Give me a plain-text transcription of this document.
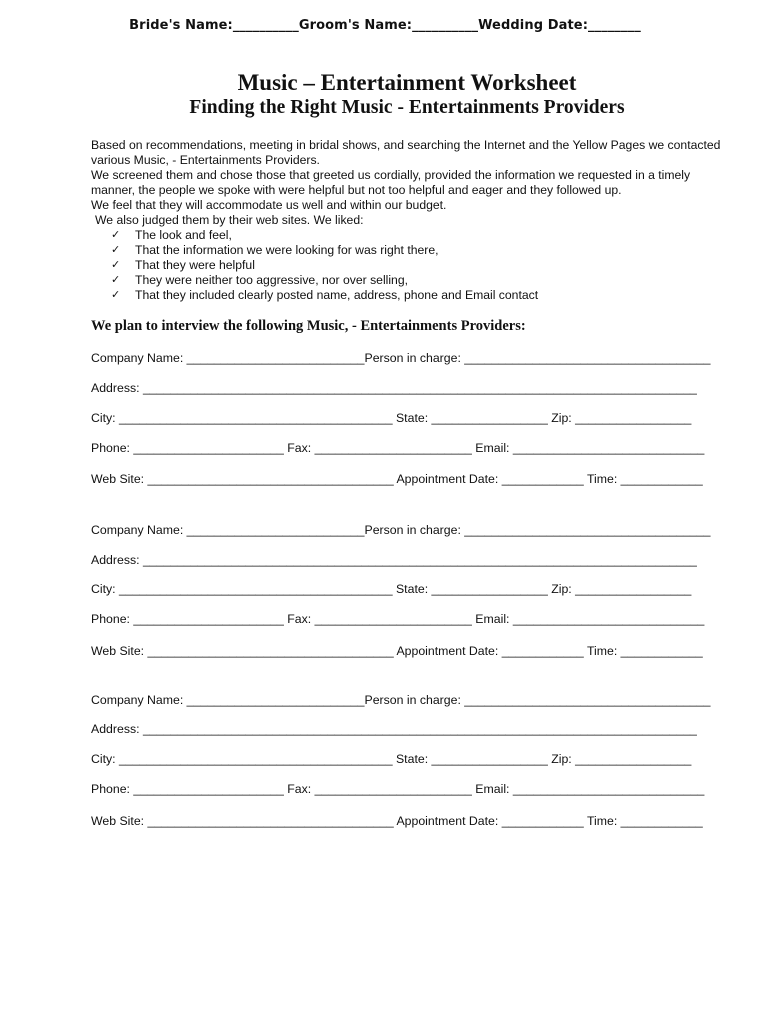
Bride's Name:__________Groom's Name:__________Wedding Date:________
Music – Entertainment Worksheet
Finding the Right Music - Entertainments Providers

Based on recommendations, meeting in bridal shows, and searching the Internet and the Yellow Pages we contacted various Music, - Entertainments Providers.

We screened them and chose those that greeted us cordially, provided the information we requested in a timely manner, the people we spoke with were helpful but not too helpful and eager and they followed up.

We feel that they will accommodate us well and within our budget.

We also judged them by their web sites. We liked:

✓ The look and feel,
✓ That the information we were looking for was right there,
✓ That they were helpful
✓ They were neither too aggressive, nor over selling,
✓ That they included clearly posted name, address, phone and Email contact
We plan to interview the following Music, - Entertainments Providers:
Company Name: __________________________Person in charge: ____________________________________
Address: _________________________________________________________________________________
City: ________________________________________ State: _________________ Zip: _________________
Phone: ______________________ Fax: _______________________ Email: ____________________________
Web Site: ____________________________________ Appointment Date: ____________ Time: ____________
Company Name: __________________________Person in charge: ____________________________________
Address: _________________________________________________________________________________
City: ________________________________________ State: _________________ Zip: _________________
Phone: ______________________ Fax: _______________________ Email: ____________________________
Web Site: ____________________________________ Appointment Date: ____________ Time: ____________
Company Name: __________________________Person in charge: ____________________________________
Address: _________________________________________________________________________________
City: ________________________________________ State: _________________ Zip: _________________
Phone: ______________________ Fax: _______________________ Email: ____________________________
Web Site: ____________________________________ Appointment Date: ____________ Time: ____________
